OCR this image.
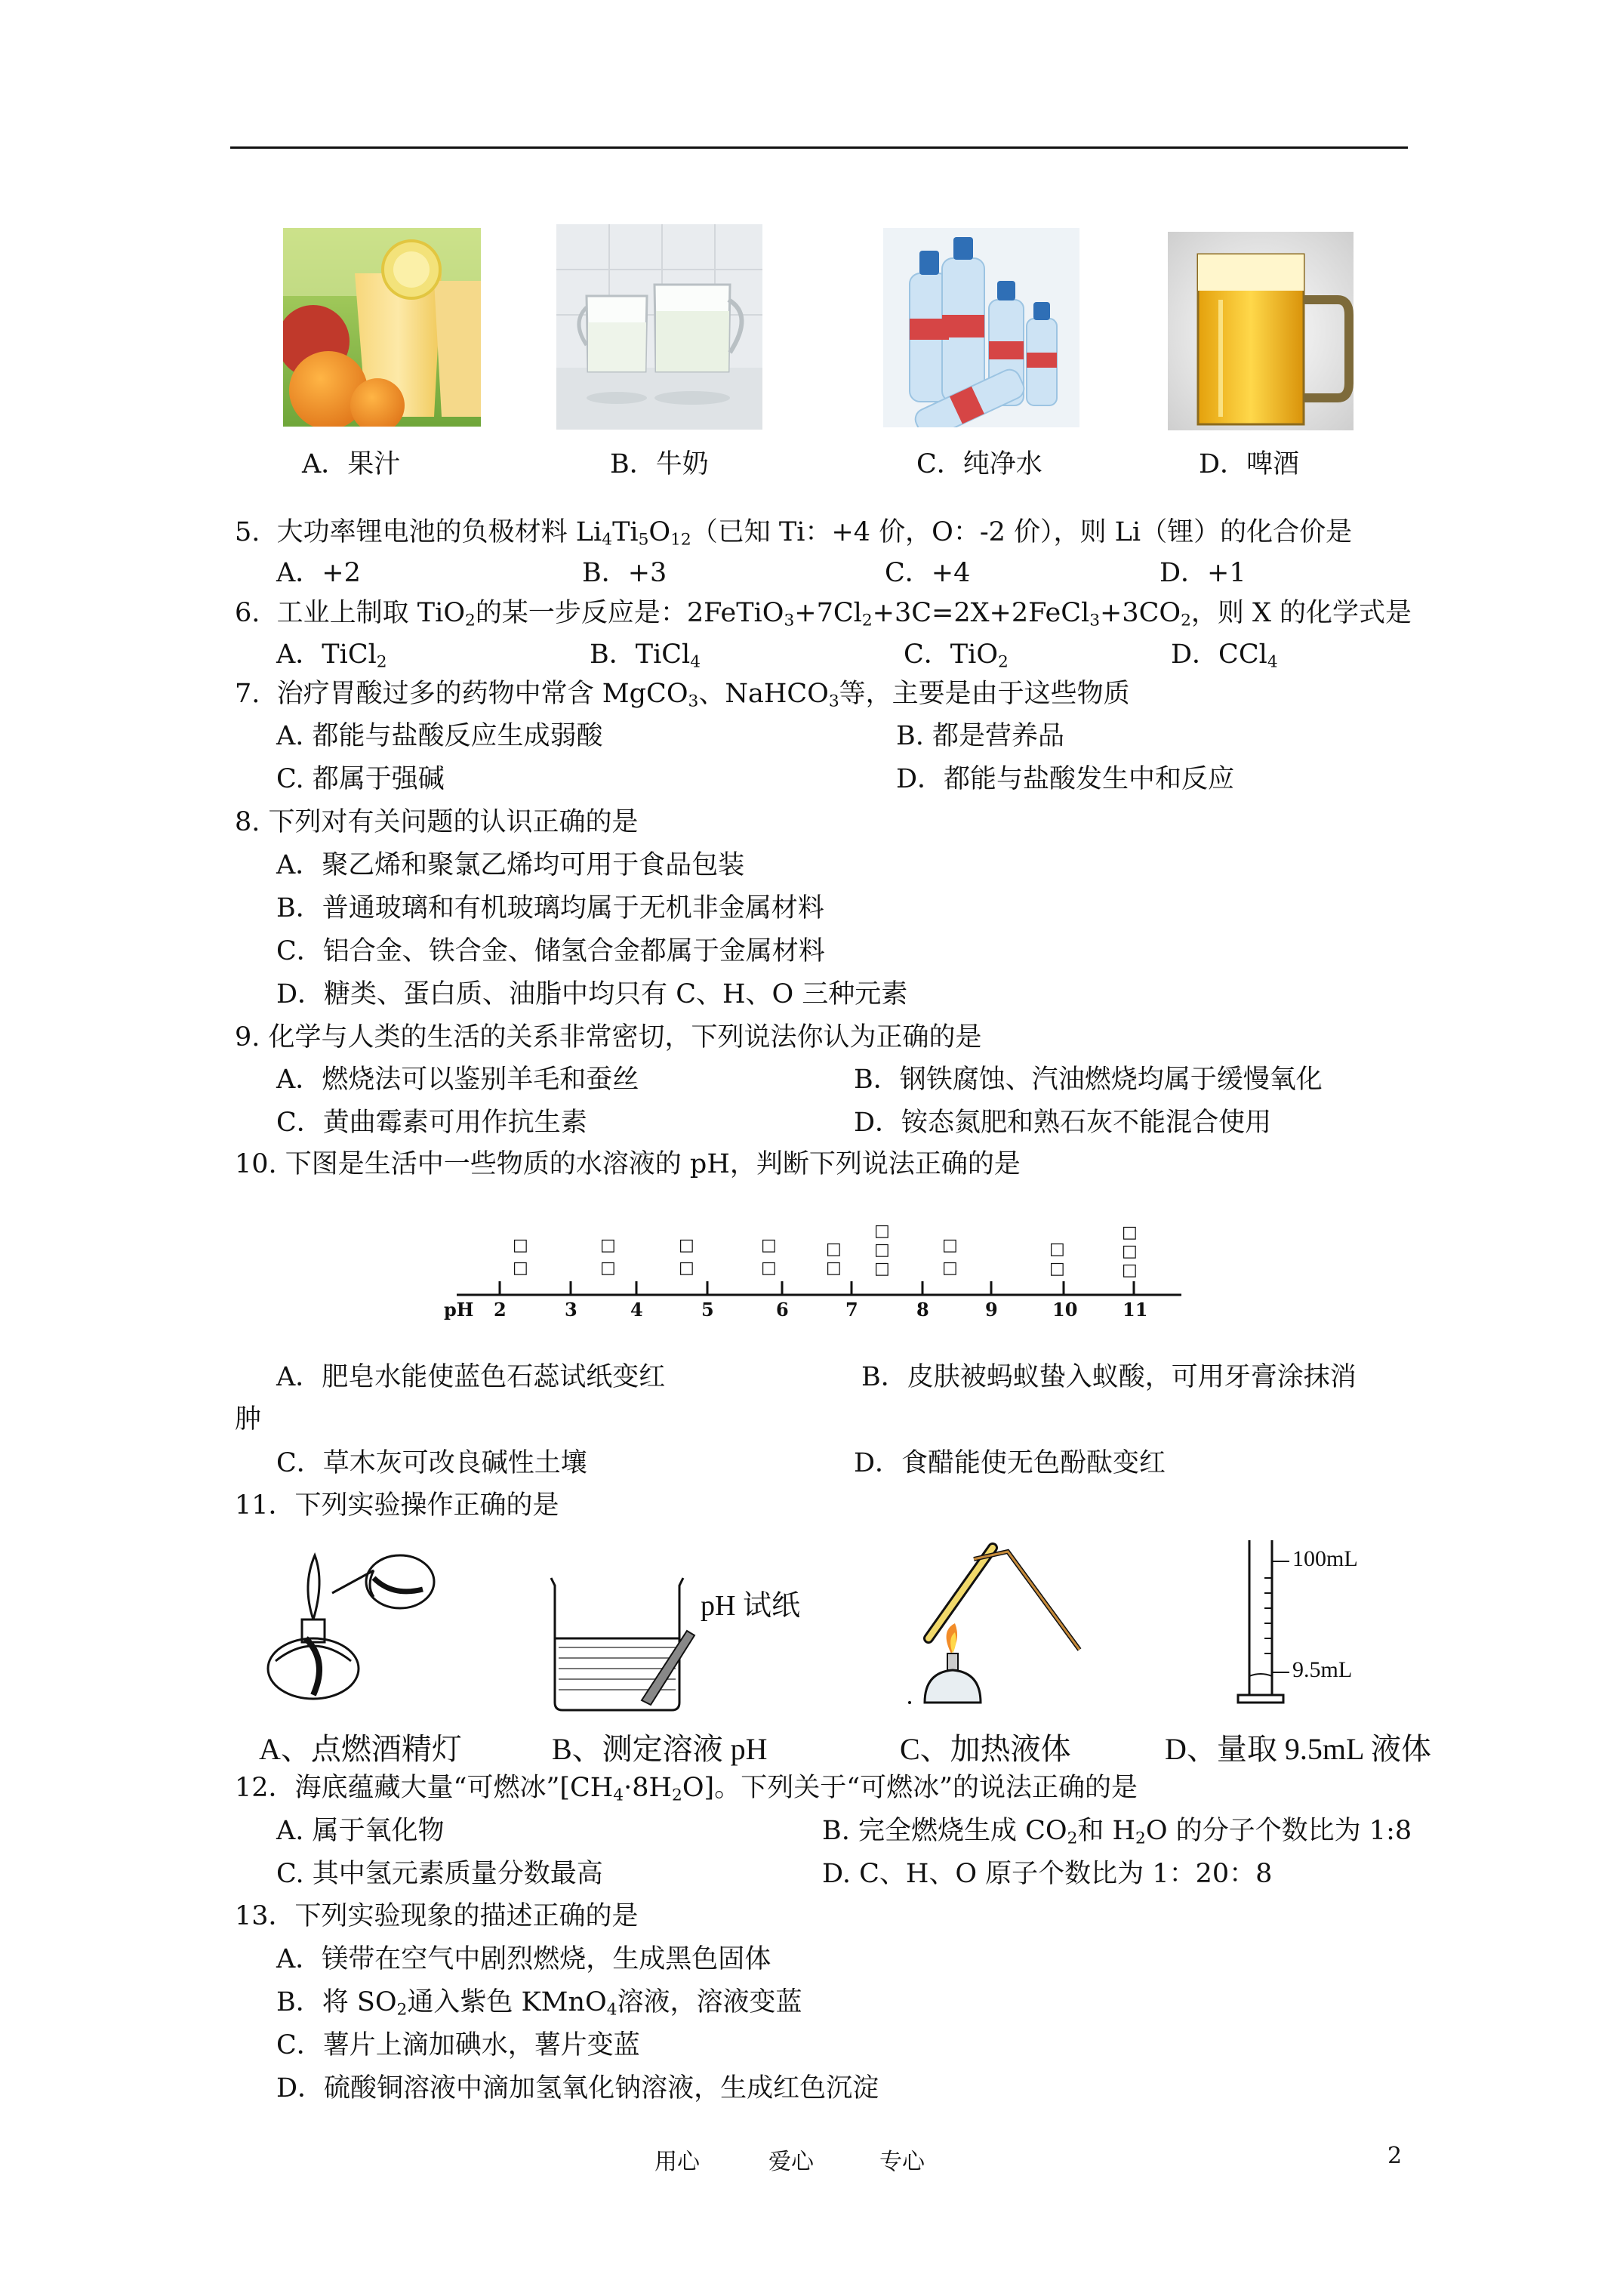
A．果汁	B．牛奶	C．纯净水	D．啤酒
5. 大功率锂电池的负极材料 $Li_4Ti_5O_{12}$（已知 Ti：+4 价，O：-2 价），则 Li（锂）的化合价是
A．+2	B．+3	C．+4	D．+1
6. 工业上制取 TiO$_2$的某一步反应是：$2FeTiO_3+7Cl_2+3C=2X+2FeCl_3+3CO_2$，则 X 的化学式是
A．TiCl$_2$	B．TiCl$_4$	C．TiO$_2$	D．CCl$_4$
7. 治疗胃酸过多的药物中常含 MgCO$_3$、NaHCO$_3$等，主要是由于这些物质
A. 都能与盐酸反应生成弱酸	B. 都是营养品
C. 都属于强碱	D．都能与盐酸发生中和反应
8. 下列对有关问题的认识正确的是
A．聚乙烯和聚氯乙烯均可用于食品包装
B．普通玻璃和有机玻璃均属于无机非金属材料
C．铝合金、铁合金、储氢合金都属于金属材料
D．糖类、蛋白质、油脂中均只有 C、H、O 三种元素
9. 化学与人类的生活的关系非常密切，下列说法你认为正确的是
A．燃烧法可以鉴别羊毛和蚕丝	B．钢铁腐蚀、汽油燃烧均属于缓慢氧化
C．黄曲霉素可用作抗生素	D．铵态氮肥和熟石灰不能混合使用
10. 下图是生活中一些物质的水溶液的 pH，判断下列说法正确的是
□
□
□
□
□
□
□
□
□
□
□
□
□
□
□
□
□
□
□
□
pH 2	3	4	5	6	7	8	9	10 11
A．肥皂水能使蓝色石蕊试纸变红	B．皮肤被蚂蚁蛰入蚁酸，可用牙膏涂抹消
肿
C．草木灰可改良碱性土壤	D．食醋能使无色酚酞变红
11．下列实验操作正确的是
pH 试纸
100mL
9.5mL
A、点燃酒精灯	B、测定溶液 pH	C、加热液体	D、量取 9.5mL 液体
12．海底蕴藏大量“可燃冰$”[CH_4\cdot 8H_2O]$。下列关于“可燃冰”的说法正确的是
A. 属于氧化物	B. 完全燃烧生成 $CO_2$和 $H_2O$ 的分子个数比为 1:8
C. 其中氢元素质量分数最高	D. C、H、O 原子个数比为 1：20：8
13．下列实验现象的描述正确的是
A．镁带在空气中剧烈燃烧，生成黑色固体
B．将 $SO_2$通入紫色 KMnO$_4$溶液，溶液变蓝
C．薯片上滴加碘水，薯片变蓝
D．硫酸铜溶液中滴加氢氧化钠溶液，生成红色沉淀
用心	爱心	专心	2
